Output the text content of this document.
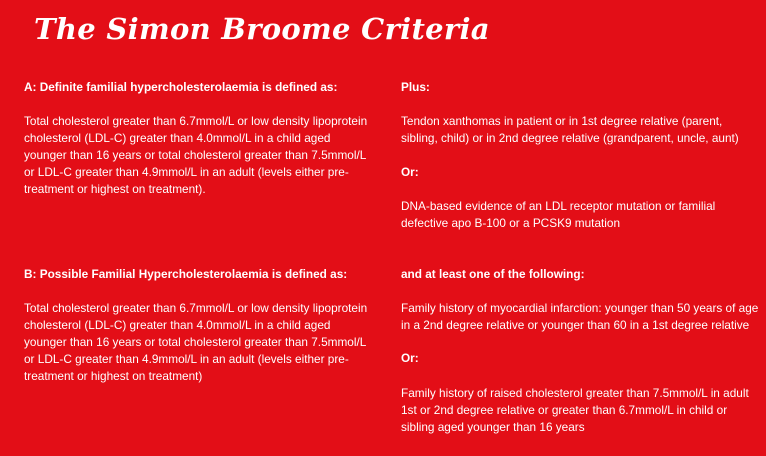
The Simon Broome Criteria
A: Definite familial hypercholesterolaemia is defined as:

Total cholesterol greater than 6.7mmol/L or low density lipoprotein cholesterol (LDL-C) greater than 4.0mmol/L in a child aged younger than 16 years or total cholesterol greater than 7.5mmol/L or LDL-C greater than 4.9mmol/L in an adult (levels either pre-treatment or highest on treatment).

Plus:

Tendon xanthomas in patient or in 1st degree relative (parent, sibling, child) or in 2nd degree relative (grandparent, uncle, aunt)

Or:

DNA-based evidence of an LDL receptor mutation or familial defective apo B-100 or a PCSK9 mutation

B: Possible Familial Hypercholesterolaemia is defined as:

Total cholesterol greater than 6.7mmol/L or low density lipoprotein cholesterol (LDL-C) greater than 4.0mmol/L in a child aged younger than 16 years or total cholesterol greater than 7.5mmol/L or LDL-C greater than 4.9mmol/L in an adult (levels either pre-treatment or highest on treatment)

and at least one of the following:

Family history of myocardial infarction: younger than 50 years of age in a 2nd degree relative or younger than 60 in a 1st degree relative

Or:

Family history of raised cholesterol greater than 7.5mmol/L in adult 1st or 2nd degree relative or greater than 6.7mmol/L in child or sibling aged younger than 16 years
